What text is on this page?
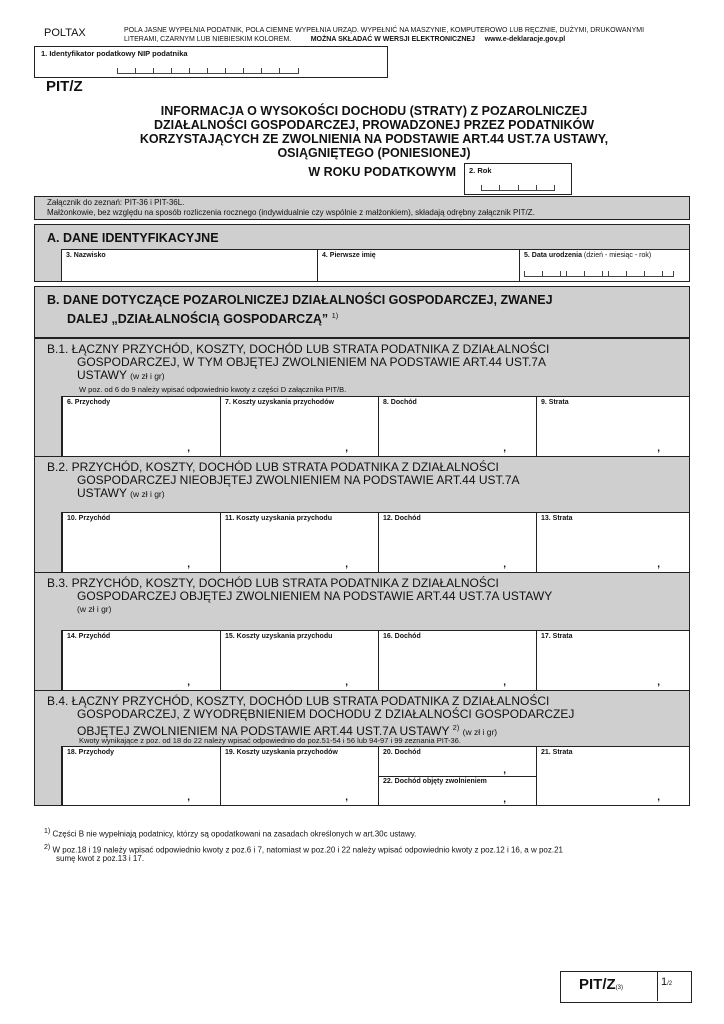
POLTAX	POLA JASNE WYPEŁNIA PODATNIK, POLA CIEMNE WYPEŁNIA URZĄD. WYPEŁNIĆ NA MASZYNIE, KOMPUTEROWO LUB RĘCZNIE, DUŻYMI, DRUKOWANYMI
LITERAMI, CZARNYM LUB NIEBIESKIM KOLOREM.	MOŻNA SKŁADAĆ W WERSJI ELEKTRONICZNEJ www.e-deklaracje.gov.pl
1. Identyfikator podatkowy NIP podatnika
PIT/Z
INFORMACJA O WYSOKOŚCI DOCHODU (STRATY) Z POZAROLNICZEJ
DZIAŁALNOŚCI GOSPODARCZEJ, PROWADZONEJ PRZEZ PODATNIKÓW
KORZYSTAJĄCYCH ZE ZWOLNIENIA NA PODSTAWIE ART.44 UST.7A USTAWY,
OSIĄGNIĘTEGO (PONIESIONEJ)
W ROKU PODATKOWYM 2. Rok
Załącznik do zeznań: PIT-36 i PIT-36L.
Małżonkowie, bez względu na sposób rozliczenia rocznego (indywidualnie czy wspólnie z małżonkiem), składają odrębny załącznik PIT/Z.
A. DANE IDENTYFIKACYJNE
3. Nazwisko	4. Pierwsze imię	5. Data urodzenia (dzień - miesiąc - rok)
B. DANE DOTYCZĄCE POZAROLNICZEJ DZIAŁALNOŚCI GOSPODARCZEJ, ZWANEJ
DALEJ „DZIAŁALNOŚCIĄ GOSPODARCZĄ” $^{1)}$
B.1. ŁĄCZNY PRZYCHÓD, KOSZTY, DOCHÓD LUB STRATA PODATNIKA Z DZIAŁALNOŚCI
GOSPODARCZEJ, W TYM OBJĘTEJ ZWOLNIENIEM NA PODSTAWIE ART.44 UST.7A
USTAWY (w zł i gr)
W poz. od 6 do 9 należy wpisać odpowiednio kwoty z części D załącznika PIT/B.
6. Przychody
,
7. Koszty uzyskania przychodów
,
8. Dochód
,
9. Strata
,
B.2. PRZYCHÓD, KOSZTY, DOCHÓD LUB STRATA PODATNIKA Z DZIAŁALNOŚCI
GOSPODARCZEJ NIEOBJĘTEJ ZWOLNIENIEM NA PODSTAWIE ART.44 UST.7A
USTAWY (w zł i gr)
10. Przychód
,
11. Koszty uzyskania przychodu
,
12. Dochód
,
13. Strata
,
B.3. PRZYCHÓD, KOSZTY, DOCHÓD LUB STRATA PODATNIKA Z DZIAŁALNOŚCI
GOSPODARCZEJ OBJĘTEJ ZWOLNIENIEM NA PODSTAWIE ART.44 UST.7A USTAWY
(w zł i gr)
14. Przychód
,
15. Koszty uzyskania przychodu
,
16. Dochód
,
17. Strata
,
B.4. ŁĄCZNY PRZYCHÓD, KOSZTY, DOCHÓD LUB STRATA PODATNIKA Z DZIAŁALNOŚCI
GOSPODARCZEJ, Z WYODRĘBNIENIEM DOCHODU Z DZIAŁALNOŚCI GOSPODARCZEJ
OBJĘTEJ ZWOLNIENIEM NA PODSTAWIE ART.44 UST.7A USTAWY $^{2)}$ (w zł i gr)
Kwoty wynikające z poz. od 18 do 22 należy wpisać odpowiednio do poz.51-54 i 56 lub 94-97 i 99 zeznania PIT-36.
18. Przychody
,
19. Koszty uzyskania przychodów
,
20. Dochód
,
22. Dochód objęty zwolnieniem
,
21. Strata
,
$^{1)}$ Części B nie wypełniają podatnicy, którzy są opodatkowani na zasadach określonych w art.30c ustawy.
$^{2)}$ W poz.18 i 19 należy wpisać odpowiednio kwoty z poz.6 i 7, natomiast w poz.20 i 22 należy wpisać odpowiednio kwoty z poz.12 i 16, a w poz.21
sumę kwot z poz.13 i 17.
PIT/Z(3)	1/2
